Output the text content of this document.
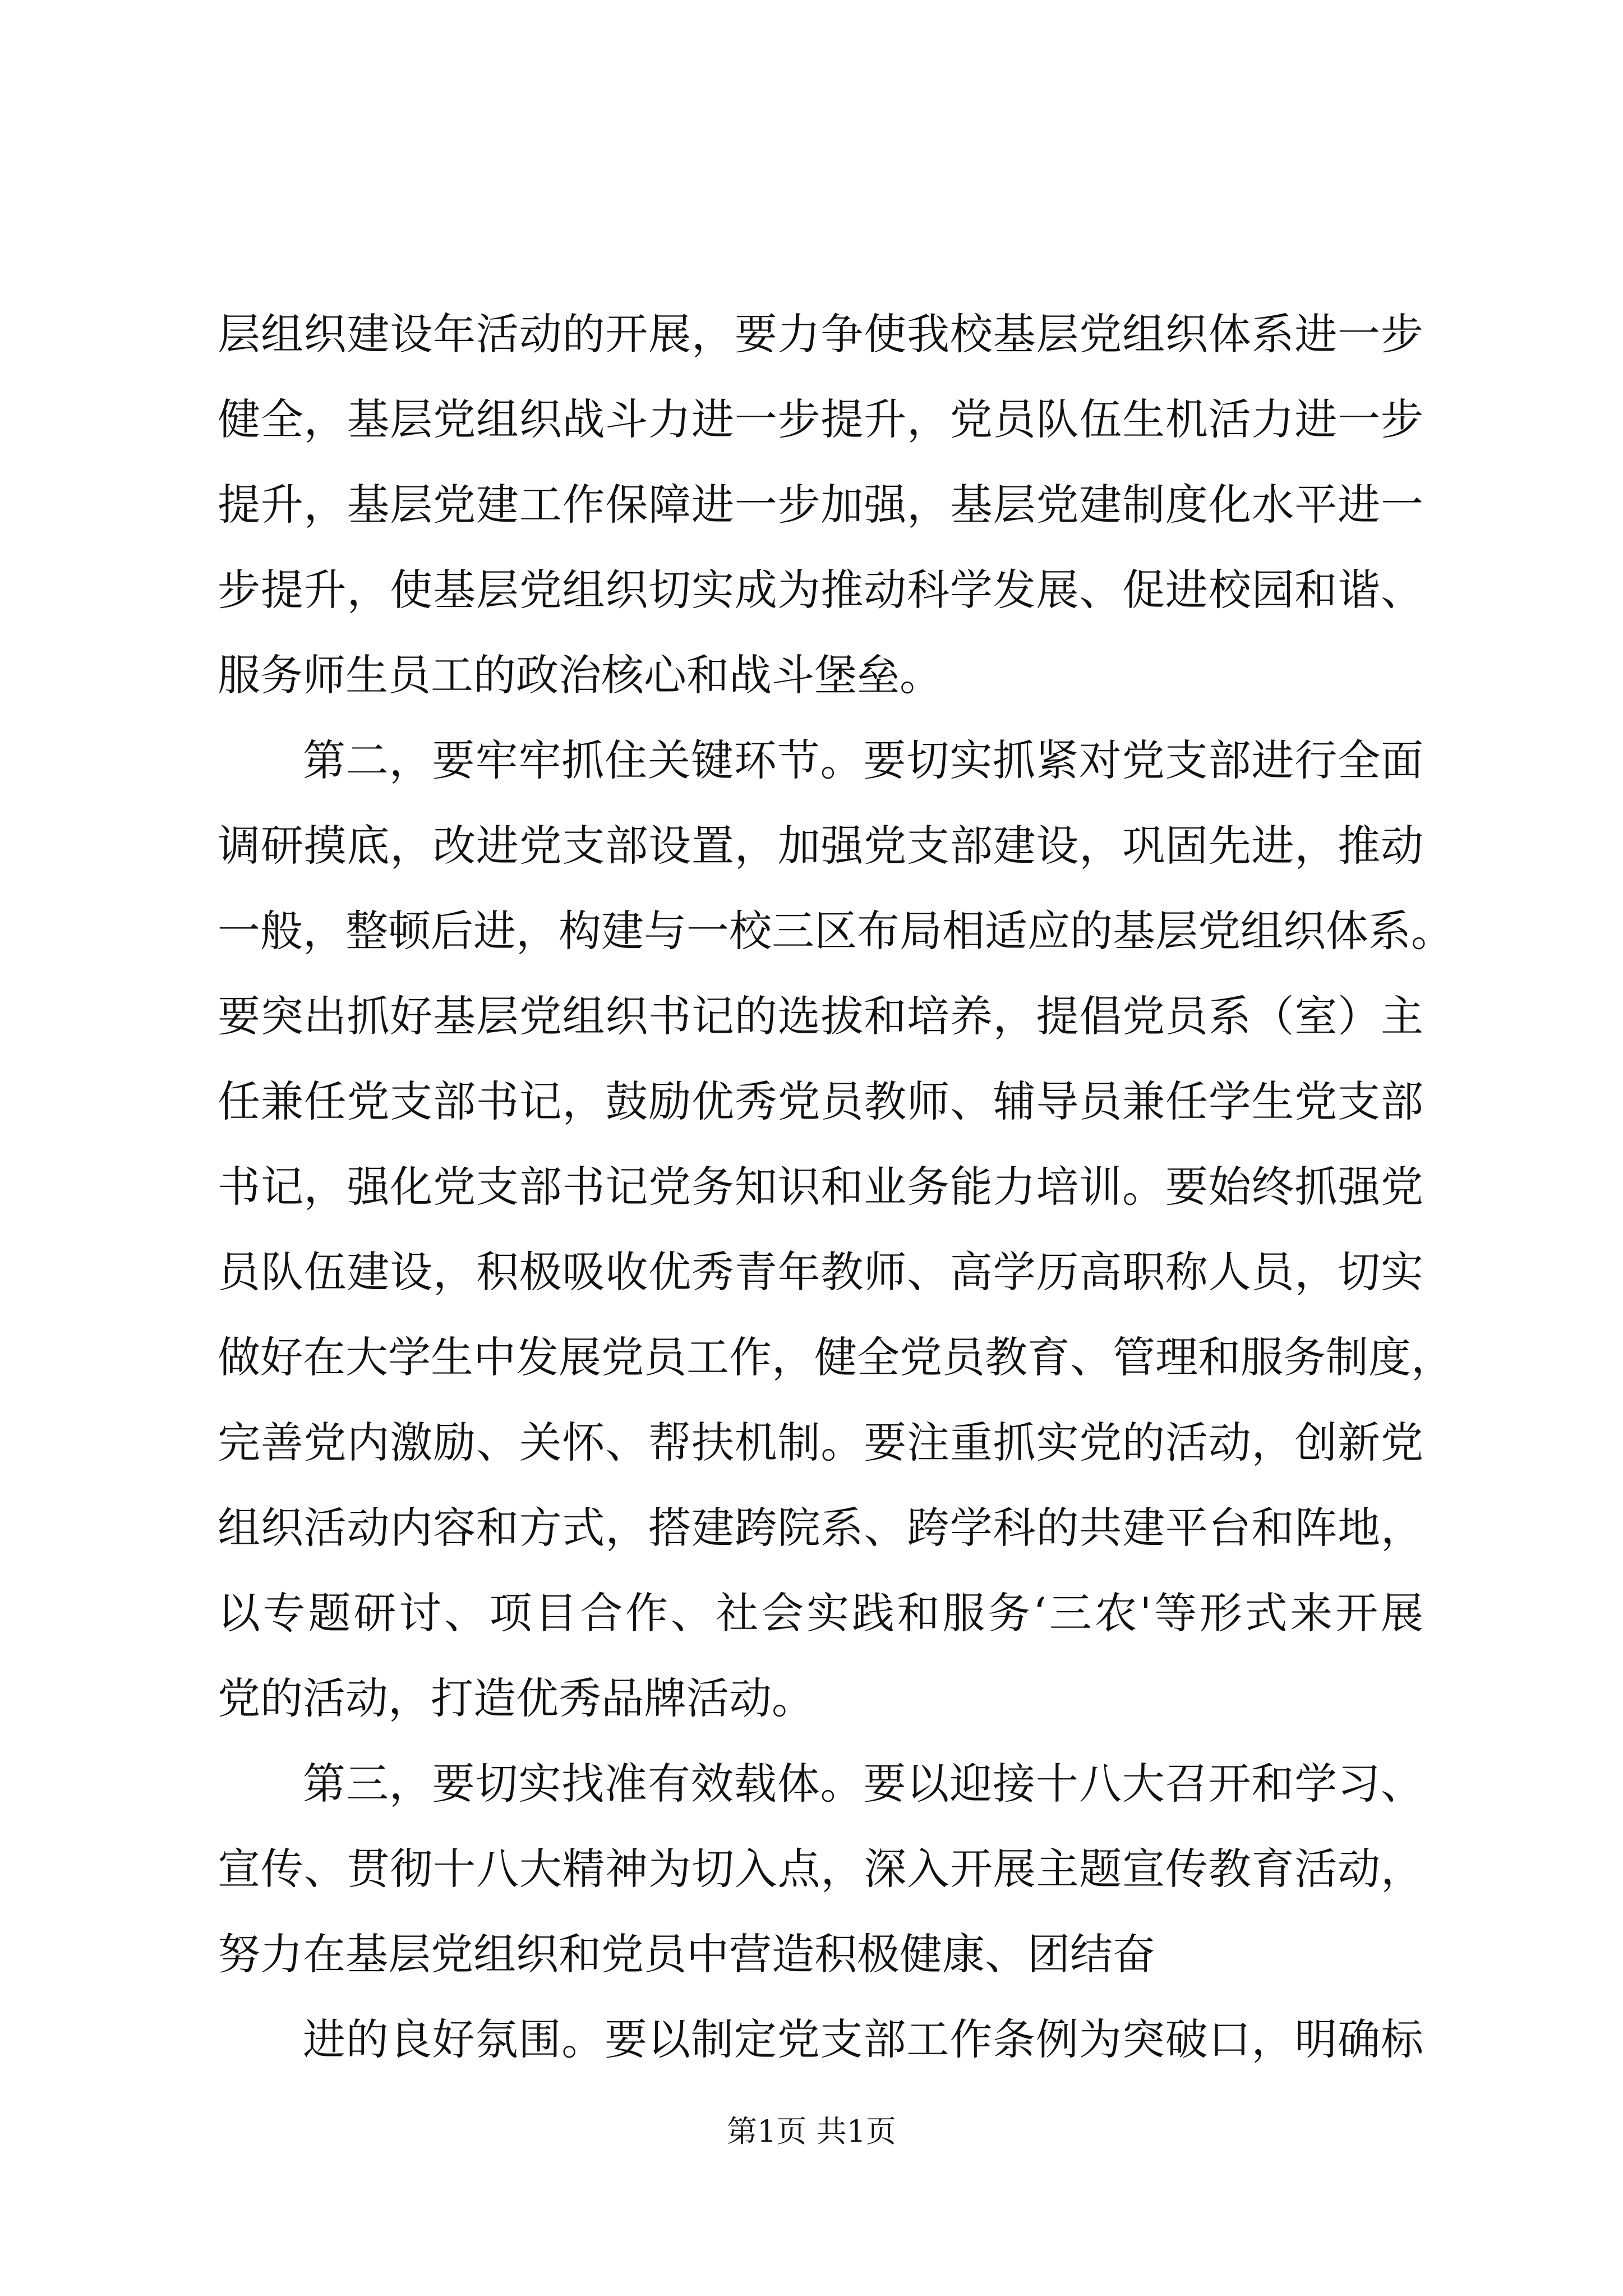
层组织建设年活动的开展，要力争使我校基层党组织体系进一步
健全，基层党组织战斗力进一步提升，党员队伍生机活力进一步
提升，基层党建工作保障进一步加强，基层党建制度化水平进一
步提升，使基层党组织切实成为推动科学发展、促进校园和谐、
服务师生员工的政治核心和战斗堡垒。
第二，要牢牢抓住关键环节。要切实抓紧对党支部进行全面
调研摸底，改进党支部设置，加强党支部建设，巩固先进，推动
一般，整顿后进，构建与一校三区布局相适应的基层党组织体系。
要突出抓好基层党组织书记的选拔和培养，提倡党员系（室）主
任兼任党支部书记，鼓励优秀党员教师、辅导员兼任学生党支部
书记，强化党支部书记党务知识和业务能力培训。要始终抓强党
员队伍建设，积极吸收优秀青年教师、高学历高职称人员，切实
做好在大学生中发展党员工作，健全党员教育、管理和服务制度，
完善党内激励、关怀、帮扶机制。要注重抓实党的活动，创新党
组织活动内容和方式，搭建跨院系、跨学科的共建平台和阵地，
以专题研讨、项目合作、社会实践和服务‘三农'等形式来开展
党的活动，打造优秀品牌活动。
第三，要切实找准有效载体。要以迎接十八大召开和学习、
宣传、贯彻十八大精神为切入点，深入开展主题宣传教育活动，
努力在基层党组织和党员中营造积极健康、团结奋
进的良好氛围。要以制定党支部工作条例为突破口，明确标
第1页 共1页
